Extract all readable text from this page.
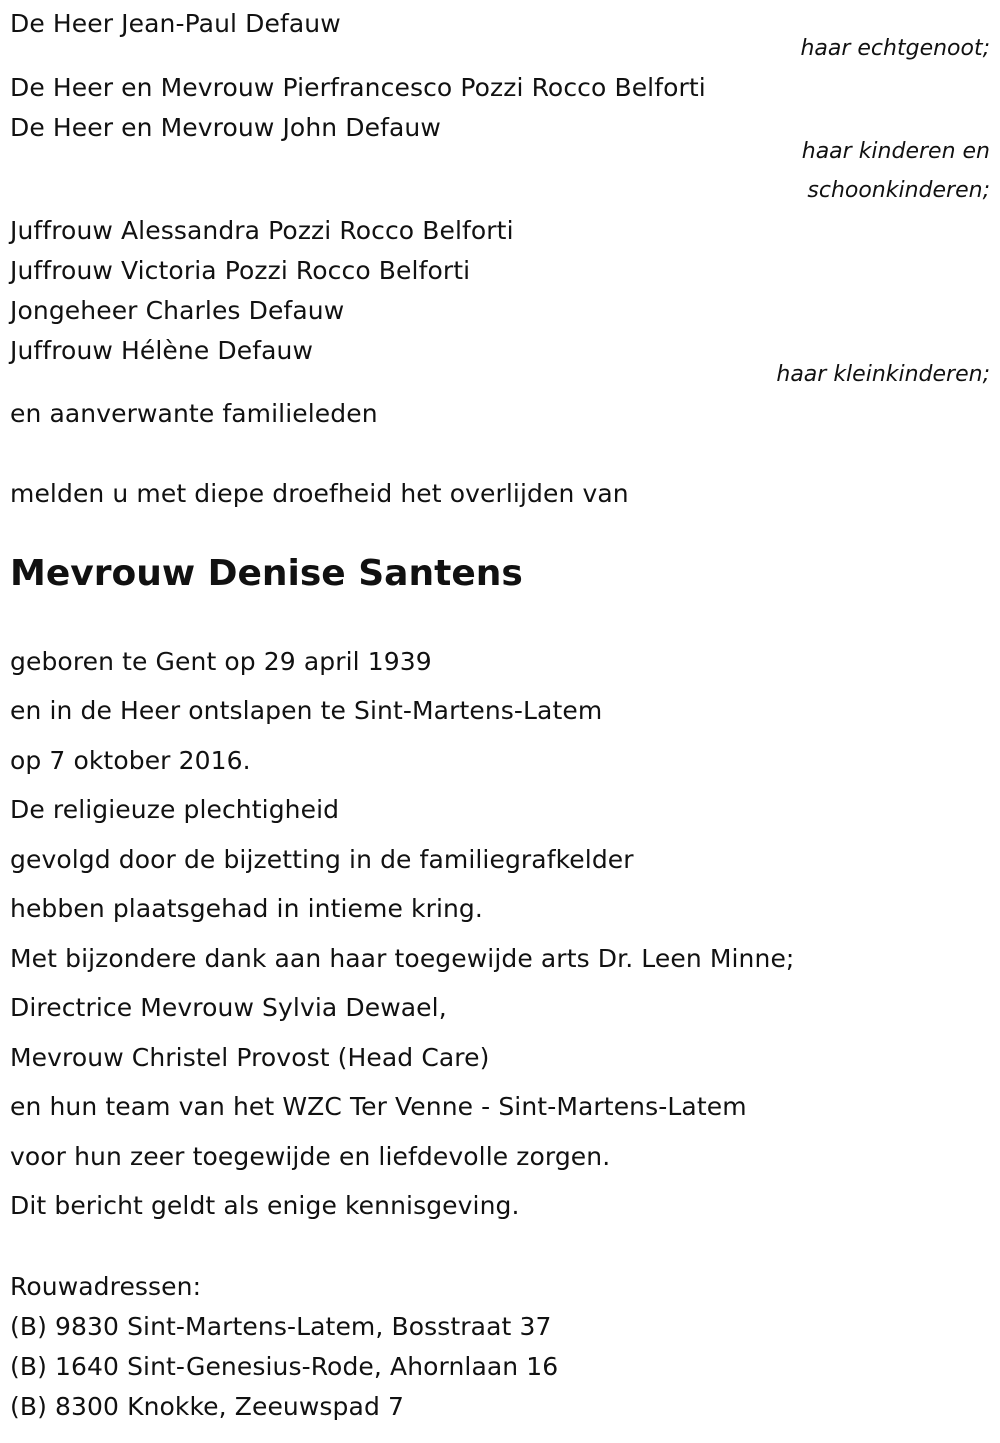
De Heer Jean-Paul Defauw
haar echtgenoot;
De Heer en Mevrouw Pierfrancesco Pozzi Rocco Belforti
De Heer en Mevrouw John Defauw
haar kinderen en
schoonkinderen;
Juffrouw Alessandra Pozzi Rocco Belforti
Juffrouw Victoria Pozzi Rocco Belforti
Jongeheer Charles Defauw
Juffrouw Hélène Defauw
haar kleinkinderen;
en aanverwante familieleden
melden u met diepe droefheid het overlijden van
Mevrouw Denise Santens
geboren te Gent op 29 april 1939
en in de Heer ontslapen te Sint-Martens-Latem
op 7 oktober 2016.
De religieuze plechtigheid
gevolgd door de bijzetting in de familiegrafkelder
hebben plaatsgehad in intieme kring.
Met bijzondere dank aan haar toegewijde arts Dr. Leen Minne;
Directrice Mevrouw Sylvia Dewael,
Mevrouw Christel Provost (Head Care)
en hun team van het WZC Ter Venne - Sint-Martens-Latem
voor hun zeer toegewijde en liefdevolle zorgen.
Dit bericht geldt als enige kennisgeving.
Rouwadressen:
(B) 9830 Sint-Martens-Latem, Bosstraat 37
(B) 1640 Sint-Genesius-Rode, Ahornlaan 16
(B) 8300 Knokke, Zeeuwspad 7
